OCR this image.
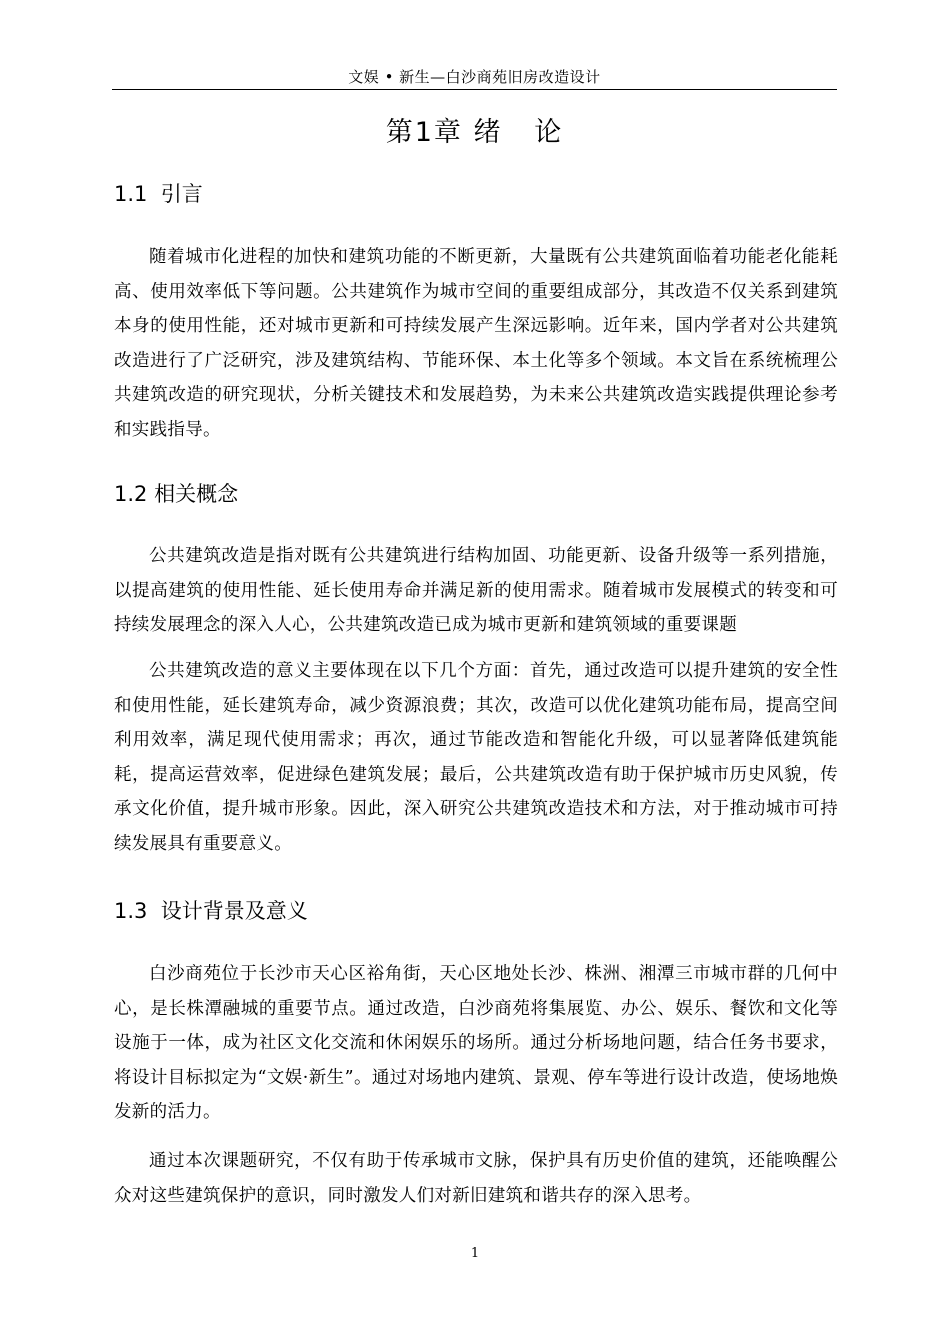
文娱 • 新生—白沙商苑旧房改造设计
第1章 绪   论
1.1  引言

随着城市化进程的加快和建筑功能的不断更新，大量既有公共建筑面临着功能老化能耗高、使用效率低下等问题。公共建筑作为城市空间的重要组成部分，其改造不仅关系到建筑本身的使用性能，还对城市更新和可持续发展产生深远影响。近年来，国内学者对公共建筑改造进行了广泛研究，涉及建筑结构、节能环保、本土化等多个领域。本文旨在系统梳理公共建筑改造的研究现状，分析关键技术和发展趋势，为未来公共建筑改造实践提供理论参考和实践指导。

1.2 相关概念

公共建筑改造是指对既有公共建筑进行结构加固、功能更新、设备升级等一系列措施，以提高建筑的使用性能、延长使用寿命并满足新的使用需求。随着城市发展模式的转变和可持续发展理念的深入人心，公共建筑改造已成为城市更新和建筑领域的重要课题

公共建筑改造的意义主要体现在以下几个方面：首先，通过改造可以提升建筑的安全性和使用性能，延长建筑寿命，减少资源浪费；其次，改造可以优化建筑功能布局，提高空间利用效率，满足现代使用需求；再次，通过节能改造和智能化升级，可以显著降低建筑能耗，提高运营效率，促进绿色建筑发展；最后，公共建筑改造有助于保护城市历史风貌，传承文化价值，提升城市形象。因此，深入研究公共建筑改造技术和方法，对于推动城市可持续发展具有重要意义。

1.3  设计背景及意义

白沙商苑位于长沙市天心区裕角街，天心区地处长沙、株洲、湘潭三市城市群的几何中心，是长株潭融城的重要节点。通过改造，白沙商苑将集展览、办公、娱乐、餐饮和文化等设施于一体，成为社区文化交流和休闲娱乐的场所。通过分析场地问题，结合任务书要求，将设计目标拟定为“文娱·新生”。通过对场地内建筑、景观、停车等进行设计改造，使场地焕发新的活力。

通过本次课题研究，不仅有助于传承城市文脉，保护具有历史价值的建筑，还能唤醒公众对这些建筑保护的意识，同时激发人们对新旧建筑和谐共存的深入思考。

1
